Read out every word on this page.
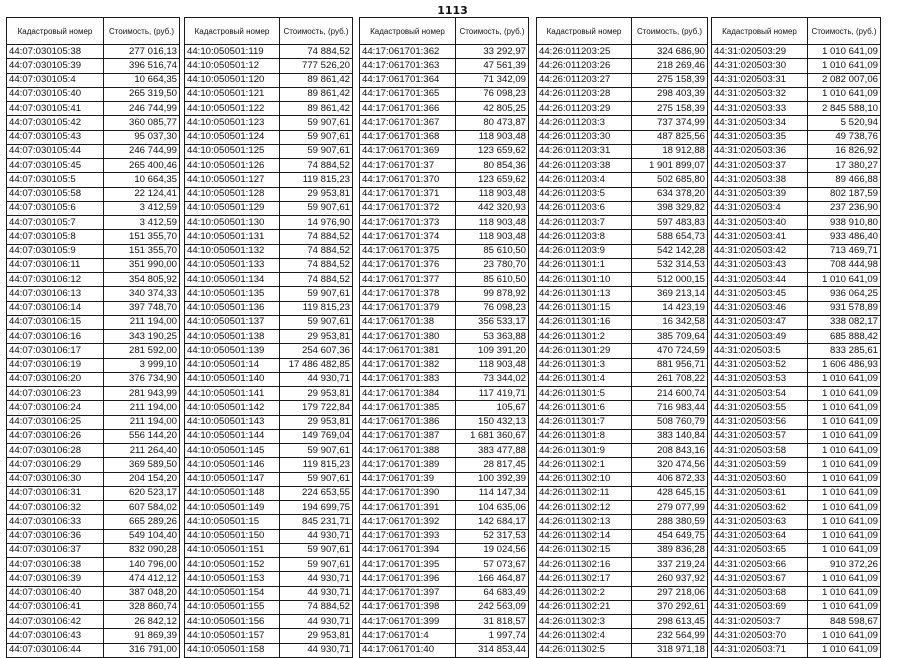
1113
Кадастровый номер	Стоимость, (руб.)
44:07:030105:38	277 016,13
44:07:030105:39	396 516,74
44:07:030105:4	10 664,35
44:07:030105:40	265 319,50
44:07:030105:41	246 744,99
44:07:030105:42	360 085,77
44:07:030105:43	95 037,30
44:07:030105:44	246 744,99
44:07:030105:45	265 400,46
44:07:030105:5	10 664,35
44:07:030105:58	22 124,41
44:07:030105:6	3 412,59
44:07:030105:7	3 412,59
44:07:030105:8	151 355,70
44:07:030105:9	151 355,70
44:07:030106:11	351 990,00
44:07:030106:12	354 805,92
44:07:030106:13	340 374,33
44:07:030106:14	397 748,70
44:07:030106:15	211 194,00
44:07:030106:16	343 190,25
44:07:030106:17	281 592,00
44:07:030106:19	3 999,10
44:07:030106:20	376 734,90
44:07:030106:23	281 943,99
44:07:030106:24	211 194,00
44:07:030106:25	211 194,00
44:07:030106:26	556 144,20
44:07:030106:28	211 264,40
44:07:030106:29	369 589,50
44:07:030106:30	204 154,20
44:07:030106:31	620 523,17
44:07:030106:32	607 584,02
44:07:030106:33	665 289,26
44:07:030106:36	549 104,40
44:07:030106:37	832 090,28
44:07:030106:38	140 796,00
44:07:030106:39	474 412,12
44:07:030106:40	387 048,20
44:07:030106:41	328 860,74
44:07:030106:42	26 842,12
44:07:030106:43	91 869,39
44:07:030106:44	316 791,00
Кадастровый номер	Стоимость, (руб.)
44:10:050501:119	74 884,52
44:10:050501:12	777 526,20
44:10:050501:120	89 861,42
44:10:050501:121	89 861,42
44:10:050501:122	89 861,42
44:10:050501:123	59 907,61
44:10:050501:124	59 907,61
44:10:050501:125	59 907,61
44:10:050501:126	74 884,52
44:10:050501:127	119 815,23
44:10:050501:128	29 953,81
44:10:050501:129	59 907,61
44:10:050501:130	14 976,90
44:10:050501:131	74 884,52
44:10:050501:132	74 884,52
44:10:050501:133	74 884,52
44:10:050501:134	74 884,52
44:10:050501:135	59 907,61
44:10:050501:136	119 815,23
44:10:050501:137	59 907,61
44:10:050501:138	29 953,81
44:10:050501:139	254 607,36
44:10:050501:14	17 486 482,85
44:10:050501:140	44 930,71
44:10:050501:141	29 953,81
44:10:050501:142	179 722,84
44:10:050501:143	29 953,81
44:10:050501:144	149 769,04
44:10:050501:145	59 907,61
44:10:050501:146	119 815,23
44:10:050501:147	59 907,61
44:10:050501:148	224 653,55
44:10:050501:149	194 699,75
44:10:050501:15	845 231,71
44:10:050501:150	44 930,71
44:10:050501:151	59 907,61
44:10:050501:152	59 907,61
44:10:050501:153	44 930,71
44:10:050501:154	44 930,71
44:10:050501:155	74 884,52
44:10:050501:156	44 930,71
44:10:050501:157	29 953,81
44:10:050501:158	44 930,71
Кадастровый номер	Стоимость, (руб.)
44:17:061701:362	33 292,97
44:17:061701:363	47 561,39
44:17:061701:364	71 342,09
44:17:061701:365	76 098,23
44:17:061701:366	42 805,25
44:17:061701:367	80 473,87
44:17:061701:368	118 903,48
44:17:061701:369	123 659,62
44:17:061701:37	80 854,36
44:17:061701:370	123 659,62
44:17:061701:371	118 903,48
44:17:061701:372	442 320,93
44:17:061701:373	118 903,48
44:17:061701:374	118 903,48
44:17:061701:375	85 610,50
44:17:061701:376	23 780,70
44:17:061701:377	85 610,50
44:17:061701:378	99 878,92
44:17:061701:379	76 098,23
44:17:061701:38	356 533,17
44:17:061701:380	53 363,88
44:17:061701:381	109 391,20
44:17:061701:382	118 903,48
44:17:061701:383	73 344,02
44:17:061701:384	117 419,71
44:17:061701:385	105,67
44:17:061701:386	150 432,13
44:17:061701:387	1 681 360,67
44:17:061701:388	383 477,88
44:17:061701:389	28 817,45
44:17:061701:39	100 392,39
44:17:061701:390	114 147,34
44:17:061701:391	104 635,06
44:17:061701:392	142 684,17
44:17:061701:393	52 317,53
44:17:061701:394	19 024,56
44:17:061701:395	57 073,67
44:17:061701:396	166 464,87
44:17:061701:397	64 683,49
44:17:061701:398	242 563,09
44:17:061701:399	31 818,57
44:17:061701:4	1 997,74
44:17:061701:40	314 853,44
Кадастровый номер	Стоимость, (руб.)
44:26:011203:25	324 686,90
44:26:011203:26	218 269,46
44:26:011203:27	275 158,39
44:26:011203:28	298 403,39
44:26:011203:29	275 158,39
44:26:011203:3	737 374,99
44:26:011203:30	487 825,56
44:26:011203:31	18 912,88
44:26:011203:38	1 901 899,07
44:26:011203:4	502 685,80
44:26:011203:5	634 378,20
44:26:011203:6	398 329,82
44:26:011203:7	597 483,83
44:26:011203:8	588 654,73
44:26:011203:9	542 142,28
44:26:011301:1	532 314,53
44:26:011301:10	512 000,15
44:26:011301:13	369 213,14
44:26:011301:15	14 423,19
44:26:011301:16	16 342,58
44:26:011301:2	385 709,64
44:26:011301:29	470 724,59
44:26:011301:3	881 956,71
44:26:011301:4	261 708,22
44:26:011301:5	214 600,74
44:26:011301:6	716 983,44
44:26:011301:7	508 760,79
44:26:011301:8	383 140,84
44:26:011301:9	208 843,16
44:26:011302:1	320 474,56
44:26:011302:10	406 872,33
44:26:011302:11	428 645,15
44:26:011302:12	279 077,99
44:26:011302:13	288 380,59
44:26:011302:14	454 649,75
44:26:011302:15	389 836,28
44:26:011302:16	337 219,24
44:26:011302:17	260 937,92
44:26:011302:2	297 218,06
44:26:011302:21	370 292,61
44:26:011302:3	298 613,45
44:26:011302:4	232 564,99
44:26:011302:5	318 971,18
Кадастровый номер	Стоимость, (руб.)
44:31:020503:29	1 010 641,09
44:31:020503:30	1 010 641,09
44:31:020503:31	2 082 007,06
44:31:020503:32	1 010 641,09
44:31:020503:33	2 845 588,10
44:31:020503:34	5 520,94
44:31:020503:35	49 738,76
44:31:020503:36	16 826,92
44:31:020503:37	17 380,27
44:31:020503:38	89 466,88
44:31:020503:39	802 187,59
44:31:020503:4	237 236,90
44:31:020503:40	938 910,80
44:31:020503:41	933 486,40
44:31:020503:42	713 469,71
44:31:020503:43	708 444,98
44:31:020503:44	1 010 641,09
44:31:020503:45	936 064,25
44:31:020503:46	931 578,89
44:31:020503:47	338 082,17
44:31:020503:49	685 888,42
44:31:020503:5	833 285,61
44:31:020503:52	1 606 486,93
44:31:020503:53	1 010 641,09
44:31:020503:54	1 010 641,09
44:31:020503:55	1 010 641,09
44:31:020503:56	1 010 641,09
44:31:020503:57	1 010 641,09
44:31:020503:58	1 010 641,09
44:31:020503:59	1 010 641,09
44:31:020503:60	1 010 641,09
44:31:020503:61	1 010 641,09
44:31:020503:62	1 010 641,09
44:31:020503:63	1 010 641,09
44:31:020503:64	1 010 641,09
44:31:020503:65	1 010 641,09
44:31:020503:66	910 372,26
44:31:020503:67	1 010 641,09
44:31:020503:68	1 010 641,09
44:31:020503:69	1 010 641,09
44:31:020503:7	848 598,67
44:31:020503:70	1 010 641,09
44:31:020503:71	1 010 641,09
